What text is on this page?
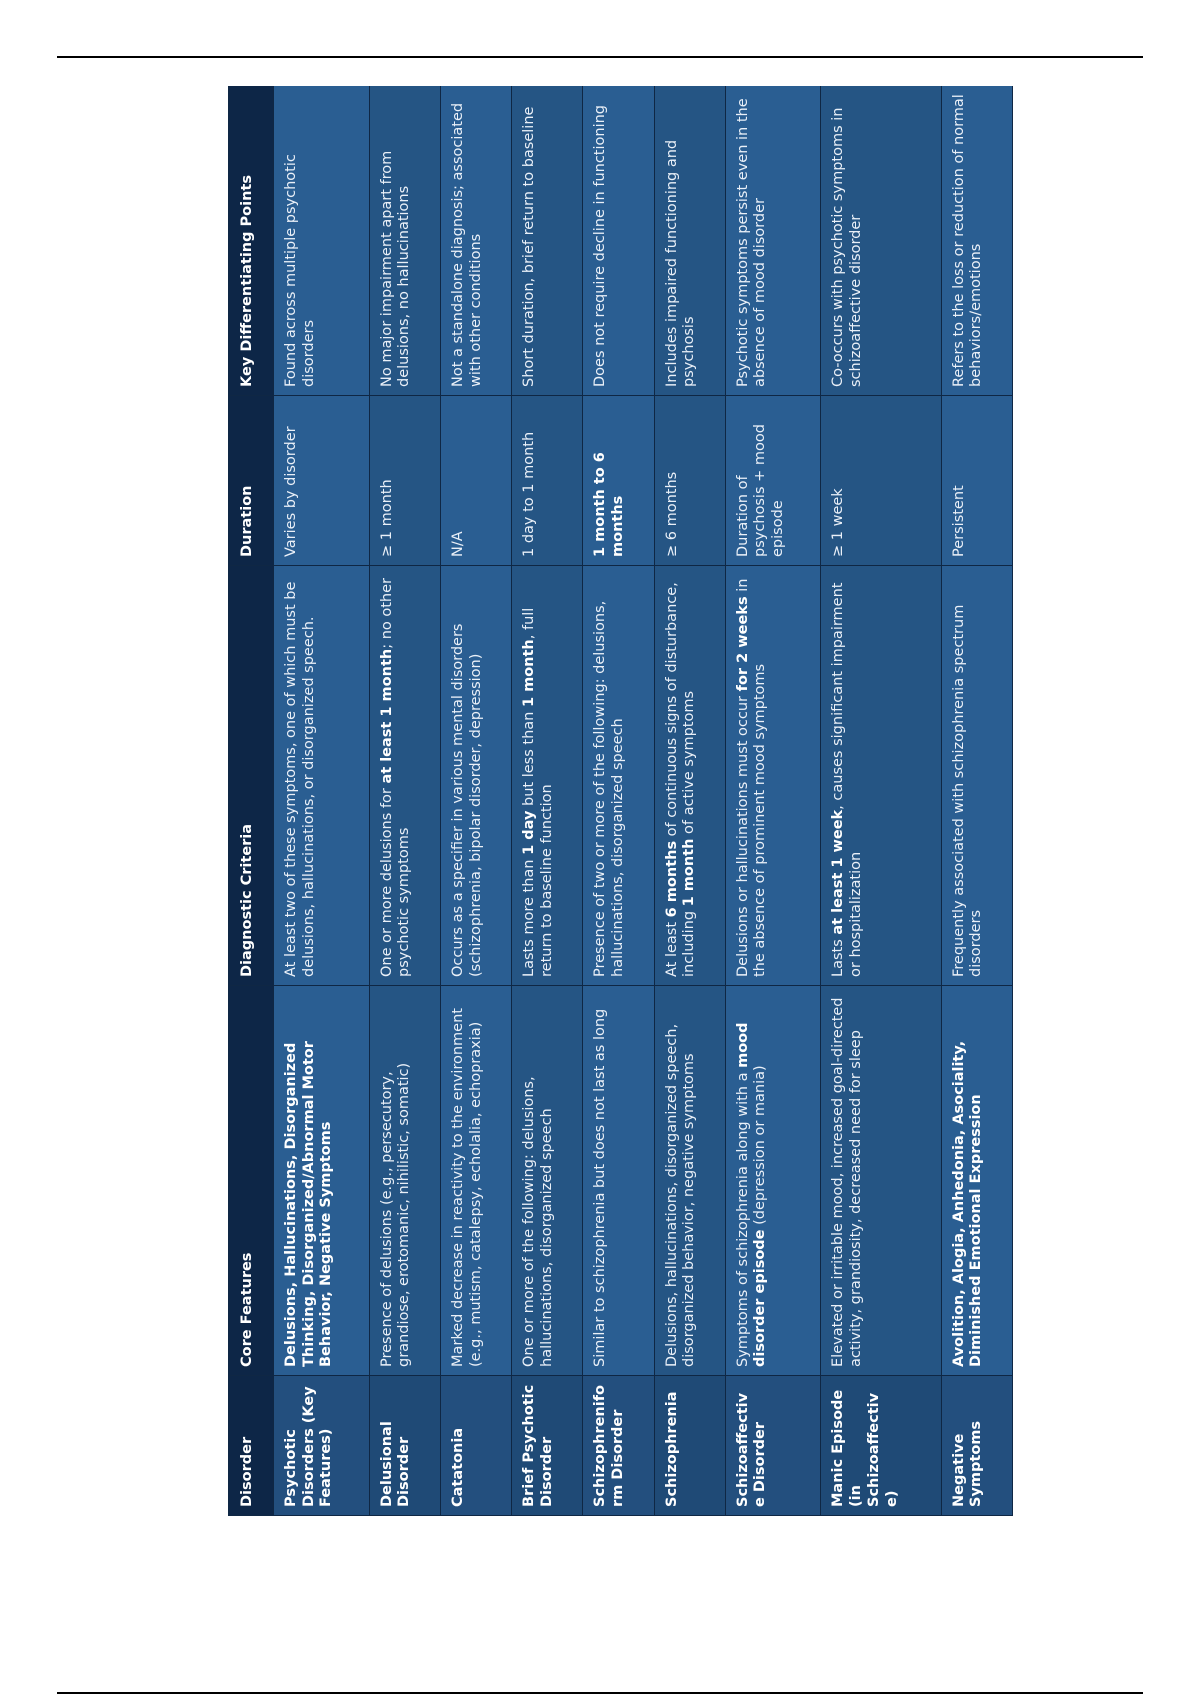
Disorder	Core Features	Diagnostic Criteria	Duration	Key Differentiating Points
Psychotic Disorders (Key Features)	Delusions, Hallucinations, Disorganized Thinking, Disorganized/Abnormal Motor Behavior, Negative Symptoms	At least two of these symptoms, one of which must be delusions, hallucinations, or disorganized speech.	Varies by disorder	Found across multiple psychotic disorders
Delusional Disorder	Presence of delusions (e.g., persecutory, grandiose, erotomanic, nihilistic, somatic)	One or more delusions for at least 1 month; no other psychotic symptoms	≥ 1 month	No major impairment apart from delusions, no hallucinations
Catatonia	Marked decrease in reactivity to the environment (e.g., mutism, catalepsy, echolalia, echopraxia)	Occurs as a specifier in various mental disorders (schizophrenia, bipolar disorder, depression)	N/A	Not a standalone diagnosis; associated with other conditions
Brief Psychotic Disorder	One or more of the following: delusions, hallucinations, disorganized speech	Lasts more than 1 day but less than 1 month, full return to baseline function	1 day to 1 month	Short duration, brief return to baseline
Schizophreniform Disorder	Similar to schizophrenia but does not last as long	Presence of two or more of the following: delusions, hallucinations, disorganized speech	1 month to 6 months	Does not require decline in functioning
Schizophrenia	Delusions, hallucinations, disorganized speech, disorganized behavior, negative symptoms	At least 6 months of continuous signs of disturbance, including 1 month of active symptoms	≥ 6 months	Includes impaired functioning and psychosis
Schizoaffective Disorder	Symptoms of schizophrenia along with a mood disorder episode (depression or mania)	Delusions or hallucinations must occur for 2 weeks in the absence of prominent mood symptoms	Duration of psychosis + mood episode	Psychotic symptoms persist even in the absence of mood disorder
Manic Episode (in Schizoaffective)	Elevated or irritable mood, increased goal-directed activity, grandiosity, decreased need for sleep	Lasts at least 1 week, causes significant impairment or hospitalization	≥ 1 week	Co-occurs with psychotic symptoms in schizoaffective disorder
Negative Symptoms	Avolition, Alogia, Anhedonia, Asociality, Diminished Emotional Expression	Frequently associated with schizophrenia spectrum disorders	Persistent	Refers to the loss or reduction of normal behaviors/emotions
